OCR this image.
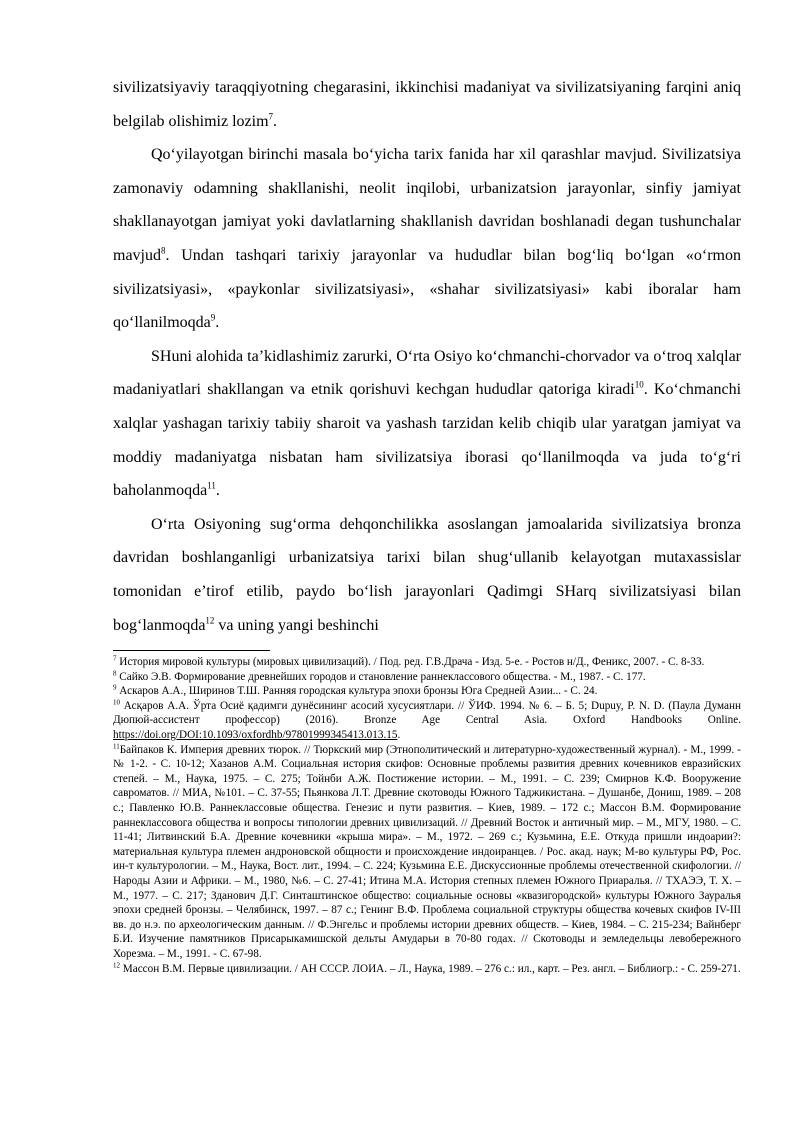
sivilizatsiyaviy taraqqiyotning chegarasini, ikkinchisi madaniyat va sivilizatsiyaning farqini aniq belgilab olishimiz lozim$^7$.

Qo‘yilayotgan birinchi masala bo‘yicha tarix fanida har xil qarashlar mavjud. Sivilizatsiya zamonaviy odamning shakllanishi, neolit inqilobi, urbanizatsion jarayonlar, sinfiy jamiyat shakllanayotgan jamiyat yoki davlatlarning shakllanish davridan boshlanadi degan tushunchalar mavjud$^8$. Undan tashqari tarixiy jarayonlar va hududlar bilan bog‘liq bo‘lgan «o‘rmon sivilizatsiyasi», «paykonlar sivilizatsiyasi», «shahar sivilizatsiyasi» kabi iboralar ham qo‘llanilmoqda$^9$.

SHuni alohida ta’kidlashimiz zarurki, O‘rta Osiyo ko‘chmanchi-chorvador va o‘troq xalqlar madaniyatlari shakllangan va etnik qorishuvi kechgan hududlar qatoriga kiradi$^{10}$. Ko‘chmanchi xalqlar yashagan tarixiy tabiiy sharoit va yashash tarzidan kelib chiqib ular yaratgan jamiyat va moddiy madaniyatga nisbatan ham sivilizatsiya iborasi qo‘llanilmoqda va juda to‘g‘ri baholanmoqda$^{11}$.

O‘rta Osiyoning sug‘orma dehqonchilikka asoslangan jamoalarida sivilizatsiya bronza davridan boshlanganligi urbanizatsiya tarixi bilan shug‘ullanib kelayotgan mutaxassislar tomonidan e’tirof etilib, paydo bo‘lish jarayonlari Qadimgi SHarq sivilizatsiyasi bilan bog‘lanmoqda$^{12}$ va uning yangi beshinchi

$^7$ История мировой культуры (мировых цивилизаций). / Под. ред. Г.В.Драча - Изд. 5-е. - Ростов н/Д., Феникс, 2007. - С. 8-33.

$^8$ Сайко Э.В. Формирование древнейших городов и становление раннеклассового общества. - М., 1987. - С. 177.

$^9$ Аскаров А.А., Ширинов Т.Ш. Ранняя городская культура эпохи бронзы Юга Средней Азии... - С. 24.

$^{10}$ Асқаров А.А. Ўрта Осиё қадимги дунёсининг асосий хусусиятлари. // ЎИФ. 1994. № 6. – Б. 5; Dupuy, P. N. D. (Паула Думанн Дюпюй-ассистент профессор) (2016). Bronze Age Central Asia. Oxford Handbooks Online. https://doi.org/DOI:10.1093/oxfordhb/97801999345413.013.15.

$^{11}$Байпаков К. Империя древних тюрок. // Тюркский мир (Этнополитический и литературно-художественный журнал). - М., 1999. - № 1-2. - С. 10-12; Хазанов А.М. Социальная история скифов: Основные проблемы развития древних кочевников евразийских степей. – М., Наука, 1975. – С. 275; Тойнби А.Ж. Постижение истории. – М., 1991. – С. 239; Смирнов К.Ф. Вооружение савроматов. // МИА, №101. – С. 37-55; Пьянкова Л.Т. Древние скотоводы Южного Таджикистана. – Душанбе, Дониш, 1989. – 208 с.; Павленко Ю.В. Раннеклассовые общества. Генезис и пути развития. – Киев, 1989. – 172 с.; Массон В.М. Формирование раннеклассовога общества и вопросы типологии древних цивилизаций. // Древний Восток и античный мир. – М., МГУ, 1980. – С. 11-41; Литвинский Б.А. Древние кочевники «крыша мира». – М., 1972. – 269 с.; Кузьмина, Е.Е. Откуда пришли индоарии?: материальная культура племен андроновской общности и происхождение индоиранцев. / Рос. акад. наук; М-во культуры РФ, Рос. ин-т культурологии. – М., Наука, Вост. лит., 1994. – С. 224; Кузьмина Е.Е. Дискуссионные проблемы отечественной скифологии. // Народы Азии и Африки. – М., 1980, №6. – С. 27-41; Итина М.А. История степных племен Южного Приаралья. // ТХАЭЭ, Т. Х. – М., 1977. – С. 217; Зданович Д.Г. Синташтинское общество: социальные основы «квазигородской» культуры Южного Зауралья эпохи средней бронзы. – Челябинск, 1997. – 87 с.; Генинг В.Ф. Проблема социальной структуры общества кочевых скифов IV-III вв. до н.э. по археологическим данным. // Ф.Энгельс и проблемы истории древних обществ. – Киев, 1984. – С. 215-234; Вайнберг Б.И. Изучение памятников Присарыкамишской дельты Амударьи в 70-80 годах. // Скотоводы и земледельцы левобережного Хорезма. – М., 1991. - С. 67-98.

$^{12}$ Массон В.М. Первые цивилизации. / АН СССР. ЛОИА. – Л., Наука, 1989. – 276 с.: ил., карт. – Рез. англ. – Библиогр.: - С. 259-271.
